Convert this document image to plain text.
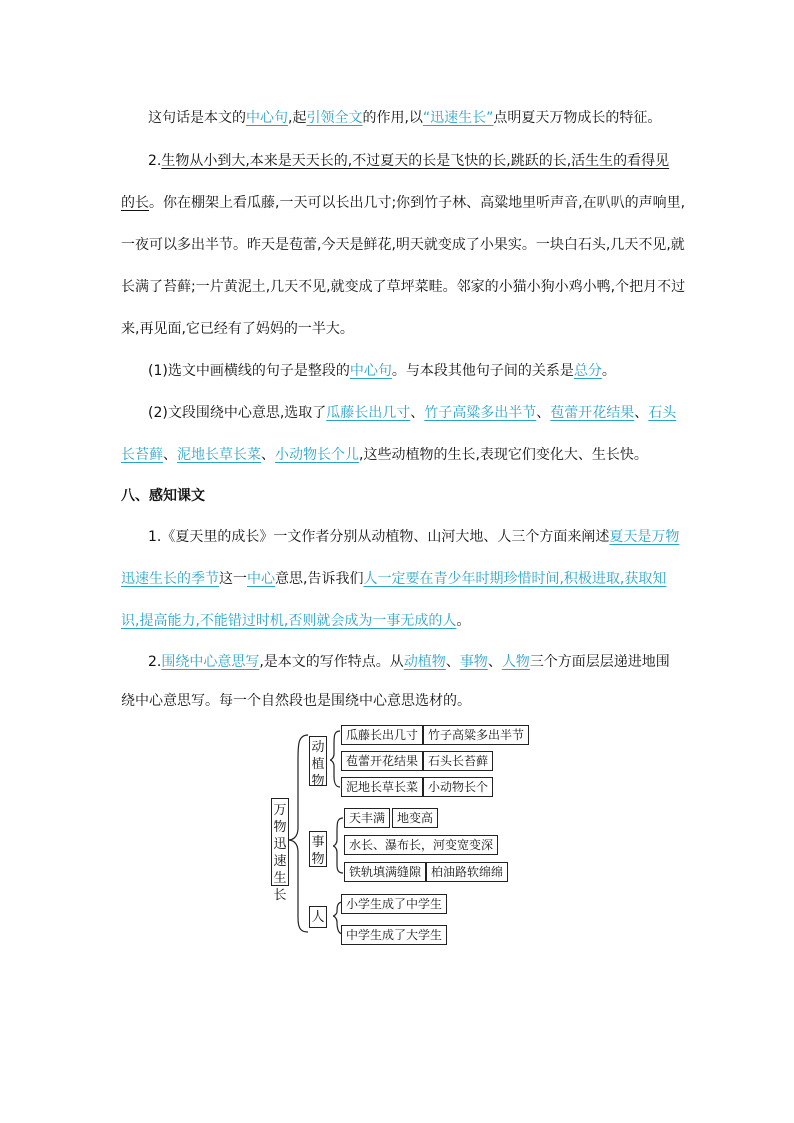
这句话是本文的中心句,起引领全文的作用,以“迅速生长”点明夏天万物成长的特征。
2.生物从小到大,本来是天天长的,不过夏天的长是飞快的长,跳跃的长,活生生的看得见
的长。你在棚架上看瓜藤,一天可以长出几寸;你到竹子林、高粱地里听声音,在叭叭的声响里,
一夜可以多出半节。昨天是苞蕾,今天是鲜花,明天就变成了小果实。一块白石头,几天不见,就
长满了苔藓;一片黄泥土,几天不见,就变成了草坪菜畦。邻家的小猫小狗小鸡小鸭,个把月不过
来,再见面,它已经有了妈妈的一半大。
(1)选文中画横线的句子是整段的中心句。与本段其他句子间的关系是总分。
(2)文段围绕中心意思,选取了瓜藤长出几寸、竹子高粱多出半节、苞蕾开花结果、石头
长苔藓、泥地长草长菜、小动物长个儿,这些动植物的生长,表现它们变化大、生长快。
八、感知课文
1.《夏天里的成长》一文作者分别从动植物、山河大地、人三个方面来阐述夏天是万物
迅速生长的季节这一中心意思,告诉我们人一定要在青少年时期珍惜时间,积极进取,获取知
识,提高能力,不能错过时机,否则就会成为一事无成的人。
2.围绕中心意思写,是本文的写作特点。从动植物、事物、人物三个方面层层递进地围
绕中心意思写。每一个自然段也是围绕中心意思选材的。
万物迅速生长
动植物
事物
人
瓜藤长出几寸 竹子高粱多出半节
苞蕾开花结果 石头长苔藓
泥地长草长菜 小动物长个
天丰满 地变高
水长、瀑布长，河变宽变深
铁轨填满缝隙 柏油路软绵绵
小学生成了中学生
中学生成了大学生
